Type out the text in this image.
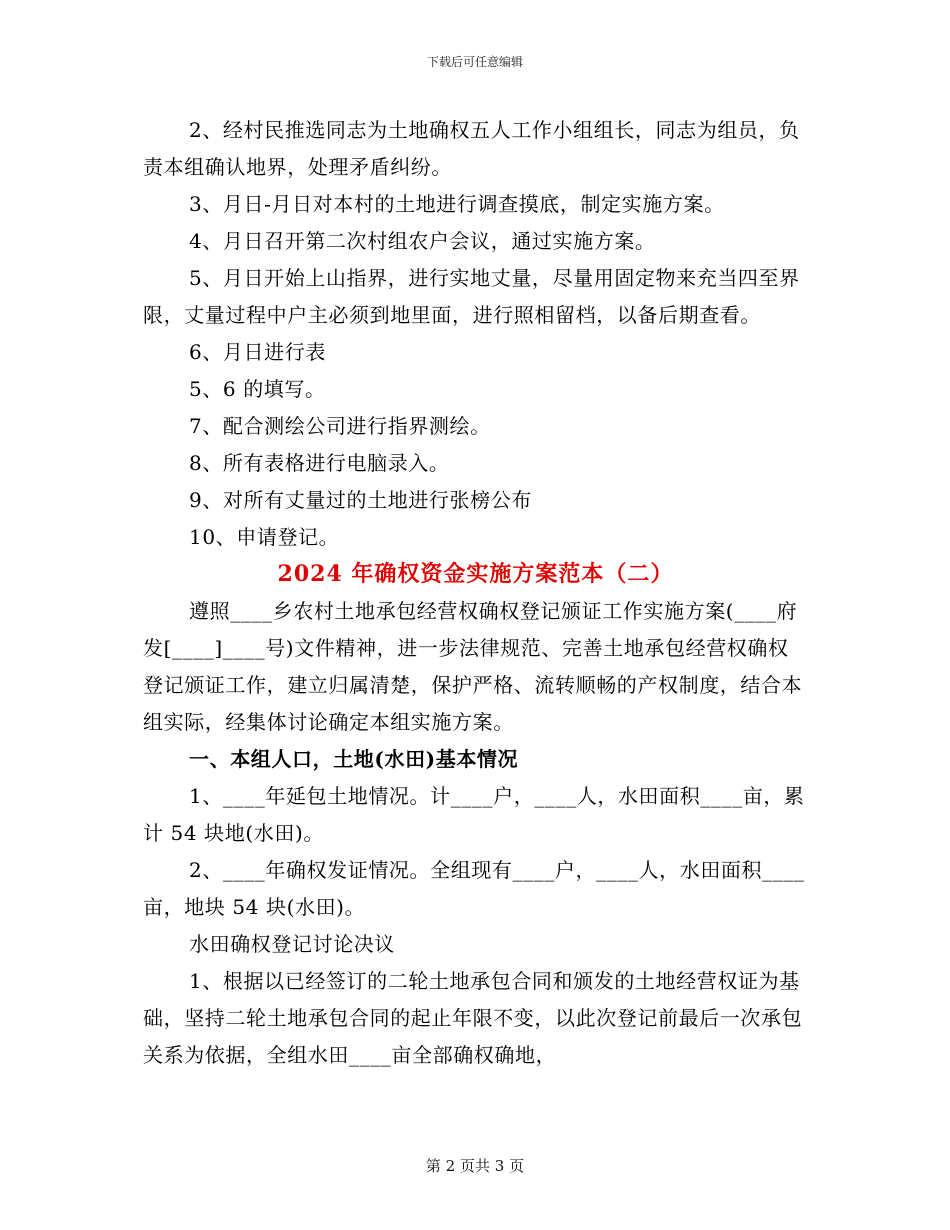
下载后可任意编辑

2、经村民推选同志为土地确权五人工作小组组长，同志为组员，负责本组确认地界，处理矛盾纠纷。

3、月日-月日对本村的土地进行调查摸底，制定实施方案。

4、月日召开第二次村组农户会议，通过实施方案。

5、月日开始上山指界，进行实地丈量，尽量用固定物来充当四至界限，丈量过程中户主必须到地里面，进行照相留档，以备后期查看。

6、月日进行表

5、6 的填写。

7、配合测绘公司进行指界测绘。

8、所有表格进行电脑录入。

9、对所有丈量过的土地进行张榜公布

10、申请登记。

2024 年确权资金实施方案范本（二）

遵照____乡农村土地承包经营权确权登记颁证工作实施方案(____府发[____]____号)文件精神，进一步法律规范、完善土地承包经营权确权登记颁证工作，建立归属清楚，保护严格、流转顺畅的产权制度，结合本组实际，经集体讨论确定本组实施方案。

一、本组人口，土地(水田)基本情况

1、____年延包土地情况。计____户，____人，水田面积____亩，累计 54 块地(水田)。

2、____年确权发证情况。全组现有____户，____人，水田面积____亩，地块 54 块(水田)。

水田确权登记讨论决议

1、根据以已经签订的二轮土地承包合同和颁发的土地经营权证为基础，坚持二轮土地承包合同的起止年限不变，以此次登记前最后一次承包关系为依据，全组水田____亩全部确权确地，

第 2 页共 3 页
